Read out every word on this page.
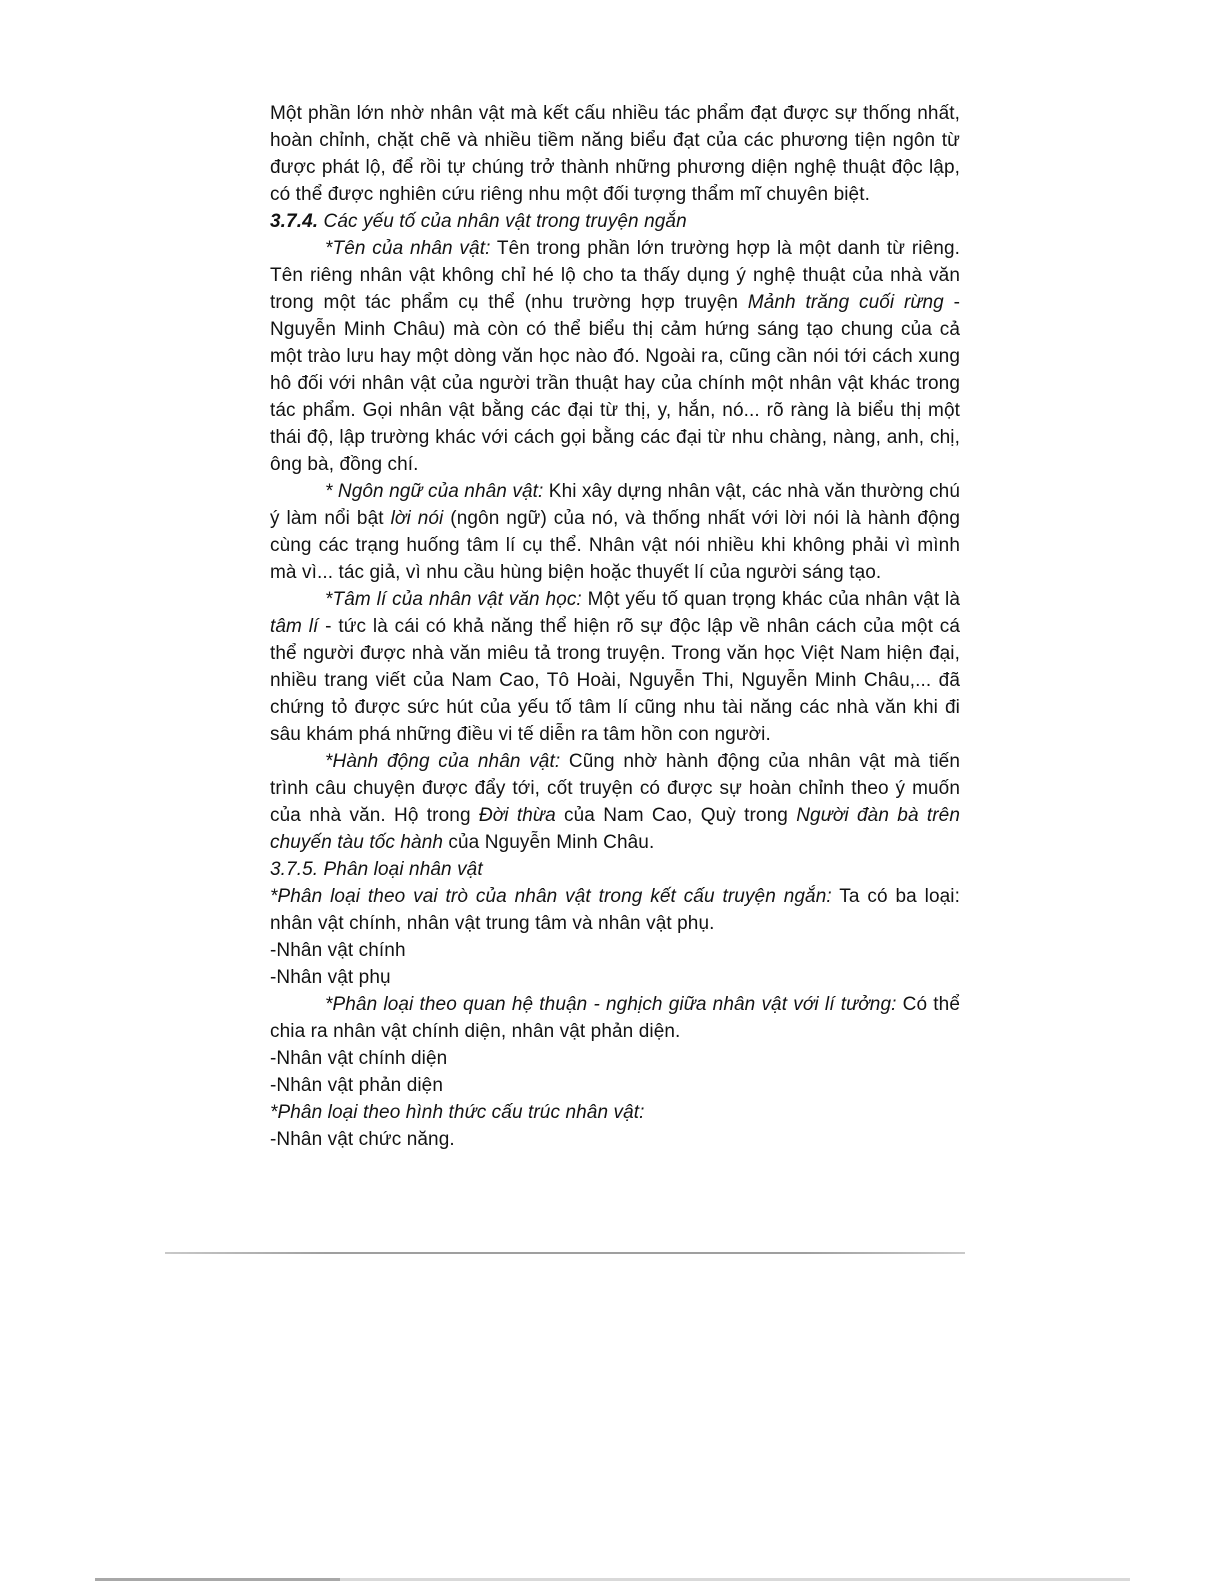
Một phần lớn nhờ nhân vật mà kết cấu nhiều tác phẩm đạt được sự thống nhất, hoàn chỉnh, chặt chẽ và nhiều tiềm năng biểu đạt của các phương tiện ngôn từ được phát lộ, để rồi tự chúng trở thành những phương diện nghệ thuật độc lập, có thể được nghiên cứu riêng nhu một đối tượng thẩm mĩ chuyên biệt.

3.7.4. Các yếu tố của nhân vật trong truyện ngắn

*Tên của nhân vật: Tên trong phần lớn trường hợp là một danh từ riêng. Tên riêng nhân vật không chỉ hé lộ cho ta thấy dụng ý nghệ thuật của nhà văn trong một tác phẩm cụ thể (nhu trường hợp truyện Mảnh trăng cuối rừng - Nguyễn Minh Châu) mà còn có thể biểu thị cảm hứng sáng tạo chung của cả một trào lưu hay một dòng văn học nào đó. Ngoài ra, cũng cần nói tới cách xung hô đối với nhân vật của người trần thuật hay của chính một nhân vật khác trong tác phẩm. Gọi nhân vật bằng các đại từ thị, y, hắn, nó... rõ ràng là biểu thị một thái độ, lập trường khác với cách gọi bằng các đại từ nhu chàng, nàng, anh, chị, ông bà, đồng chí.

* Ngôn ngữ của nhân vật: Khi xây dựng nhân vật, các nhà văn thường chú ý làm nổi bật lời nói (ngôn ngữ) của nó, và thống nhất với lời nói là hành động cùng các trạng huống tâm lí cụ thể. Nhân vật nói nhiều khi không phải vì mình mà vì... tác giả, vì nhu cầu hùng biện hoặc thuyết lí của người sáng tạo.

*Tâm lí của nhân vật văn học: Một yếu tố quan trọng khác của nhân vật là tâm lí - tức là cái có khả năng thể hiện rõ sự độc lập về nhân cách của một cá thể người được nhà văn miêu tả trong truyện. Trong văn học Việt Nam hiện đại, nhiều trang viết của Nam Cao, Tô Hoài, Nguyễn Thi, Nguyễn Minh Châu,... đã chứng tỏ được sức hút của yếu tố tâm lí cũng nhu tài năng các nhà văn khi đi sâu khám phá những điều vi tế diễn ra tâm hồn con người.

*Hành động của nhân vật: Cũng nhờ hành động của nhân vật mà tiến trình câu chuyện được đẩy tới, cốt truyện có được sự hoàn chỉnh theo ý muốn của nhà văn. Hộ trong Đời thừa của Nam Cao, Quỳ trong Người đàn bà trên chuyến tàu tốc hành của Nguyễn Minh Châu.

3.7.5. Phân loại nhân vật

*Phân loại theo vai trò của nhân vật trong kết cấu truyện ngắn: Ta có ba loại: nhân vật chính, nhân vật trung tâm và nhân vật phụ.

-Nhân vật chính

-Nhân vật phụ

*Phân loại theo quan hệ thuận - nghịch giữa nhân vật với lí tưởng: Có thể chia ra nhân vật chính diện, nhân vật phản diện.

-Nhân vật chính diện

-Nhân vật phản diện

*Phân loại theo hình thức cấu trúc nhân vật:

-Nhân vật chức năng.
